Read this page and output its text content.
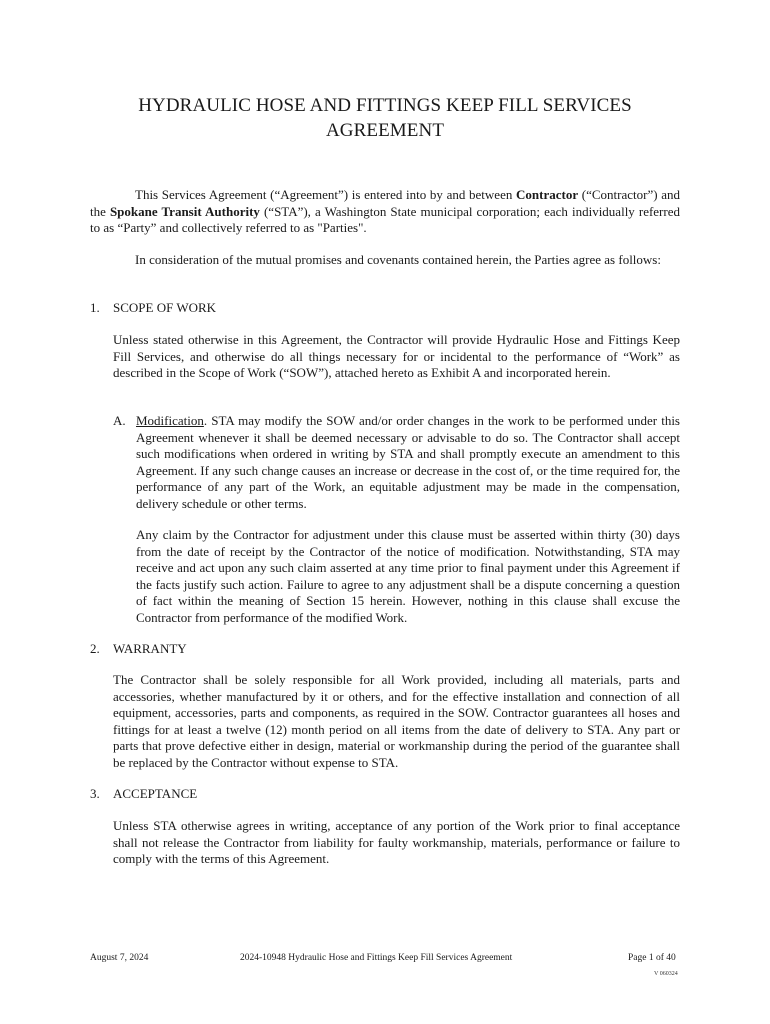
HYDRAULIC HOSE AND FITTINGS KEEP FILL SERVICES
AGREEMENT

This Services Agreement (“Agreement”) is entered into by and between Contractor (“Contractor”) and the Spokane Transit Authority (“STA”), a Washington State municipal corporation; each individually referred to as “Party” and collectively referred to as "Parties".

In consideration of the mutual promises and covenants contained herein, the Parties agree as follows:

1. SCOPE OF WORK

Unless stated otherwise in this Agreement, the Contractor will provide Hydraulic Hose and Fittings Keep Fill Services, and otherwise do all things necessary for or incidental to the performance of “Work” as described in the Scope of Work (“SOW”), attached hereto as Exhibit A and incorporated herein.

A. Modification. STA may modify the SOW and/or order changes in the work to be performed under this Agreement whenever it shall be deemed necessary or advisable to do so. The Contractor shall accept such modifications when ordered in writing by STA and shall promptly execute an amendment to this Agreement. If any such change causes an increase or decrease in the cost of, or the time required for, the performance of any part of the Work, an equitable adjustment may be made in the compensation, delivery schedule or other terms.

Any claim by the Contractor for adjustment under this clause must be asserted within thirty (30) days from the date of receipt by the Contractor of the notice of modification. Notwithstanding, STA may receive and act upon any such claim asserted at any time prior to final payment under this Agreement if the facts justify such action. Failure to agree to any adjustment shall be a dispute concerning a question of fact within the meaning of Section 15 herein. However, nothing in this clause shall excuse the Contractor from performance of the modified Work.

2. WARRANTY

The Contractor shall be solely responsible for all Work provided, including all materials, parts and accessories, whether manufactured by it or others, and for the effective installation and connection of all equipment, accessories, parts and components, as required in the SOW. Contractor guarantees all hoses and fittings for at least a twelve (12) month period on all items from the date of delivery to STA. Any part or parts that prove defective either in design, material or workmanship during the period of the guarantee shall be replaced by the Contractor without expense to STA.

3. ACCEPTANCE

Unless STA otherwise agrees in writing, acceptance of any portion of the Work prior to final acceptance shall not release the Contractor from liability for faulty workmanship, materials, performance or failure to comply with the terms of this Agreement.

August 7, 2024	2024-10948 Hydraulic Hose and Fittings Keep Fill Services Agreement	Page 1 of 40
V 060324
